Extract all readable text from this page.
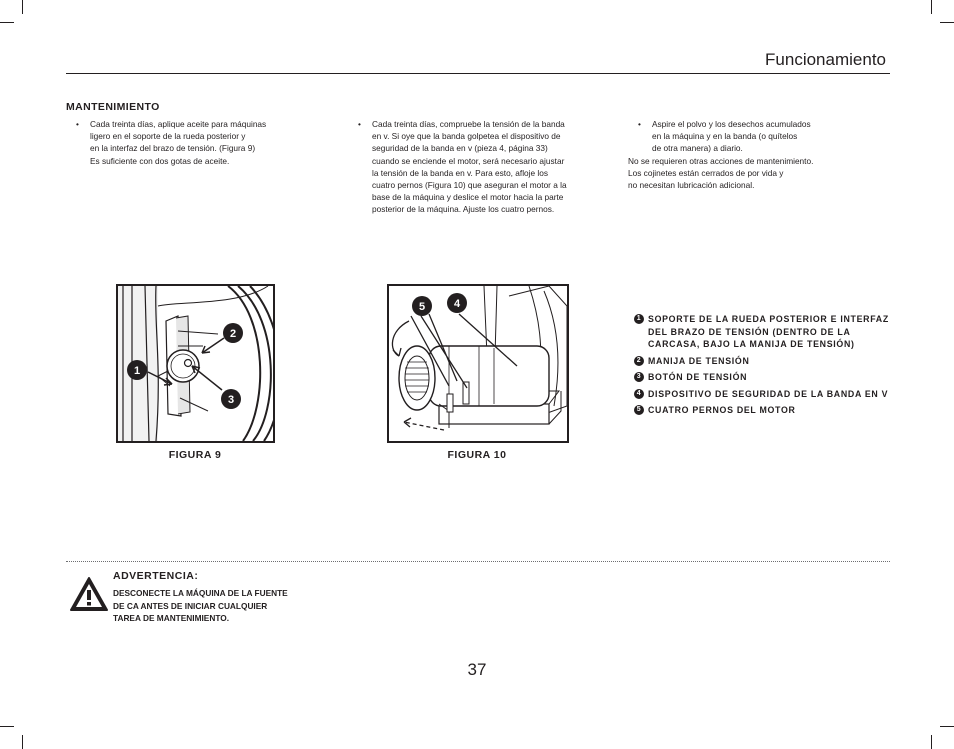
Funcionamiento
MANTENIMIENTO
• Cada treinta días, aplique aceite para máquinas

ligero en el soporte de la rueda posterior y

en la interfaz del brazo de tensión. (Figura 9)

Es suficiente con dos gotas de aceite.

• Cada treinta días, compruebe la tensión de la banda

en v. Si oye que la banda golpetea el dispositivo de

seguridad de la banda en v (pieza 4, página 33)

cuando se enciende el motor, será necesario ajustar

la tensión de la banda en v. Para esto, afloje los

cuatro pernos (Figura 10) que aseguran el motor a la

base de la máquina y deslice el motor hacia la parte

posterior de la máquina. Ajuste los cuatro pernos.

• Aspire el polvo y los desechos acumulados

en la máquina y en la banda (o quítelos

de otra manera) a diario.

No se requieren otras acciones de mantenimiento.

Los cojinetes están cerrados de por vida y

no necesitan lubricación adicional.

1
2
3
FIGURA 9
5	4
FIGURA 10
1 SOPORTE DE LA RUEDA POSTERIOR E INTERFAZ
DEL BRAZO DE TENSIÓN (DENTRO DE LA
CARCASA, BAJO LA MANIJA DE TENSIÓN)
2 MANIJA DE TENSIÓN
3 BOTÓN DE TENSIÓN
4 DISPOSITIVO DE SEGURIDAD DE LA BANDA EN V
5 CUATRO PERNOS DEL MOTOR
ADVERTENCIA:
DESCONECTE LA MÁQUINA DE LA FUENTE
DE CA ANTES DE INICIAR CUALQUIER
TAREA DE MANTENIMIENTO.
37
